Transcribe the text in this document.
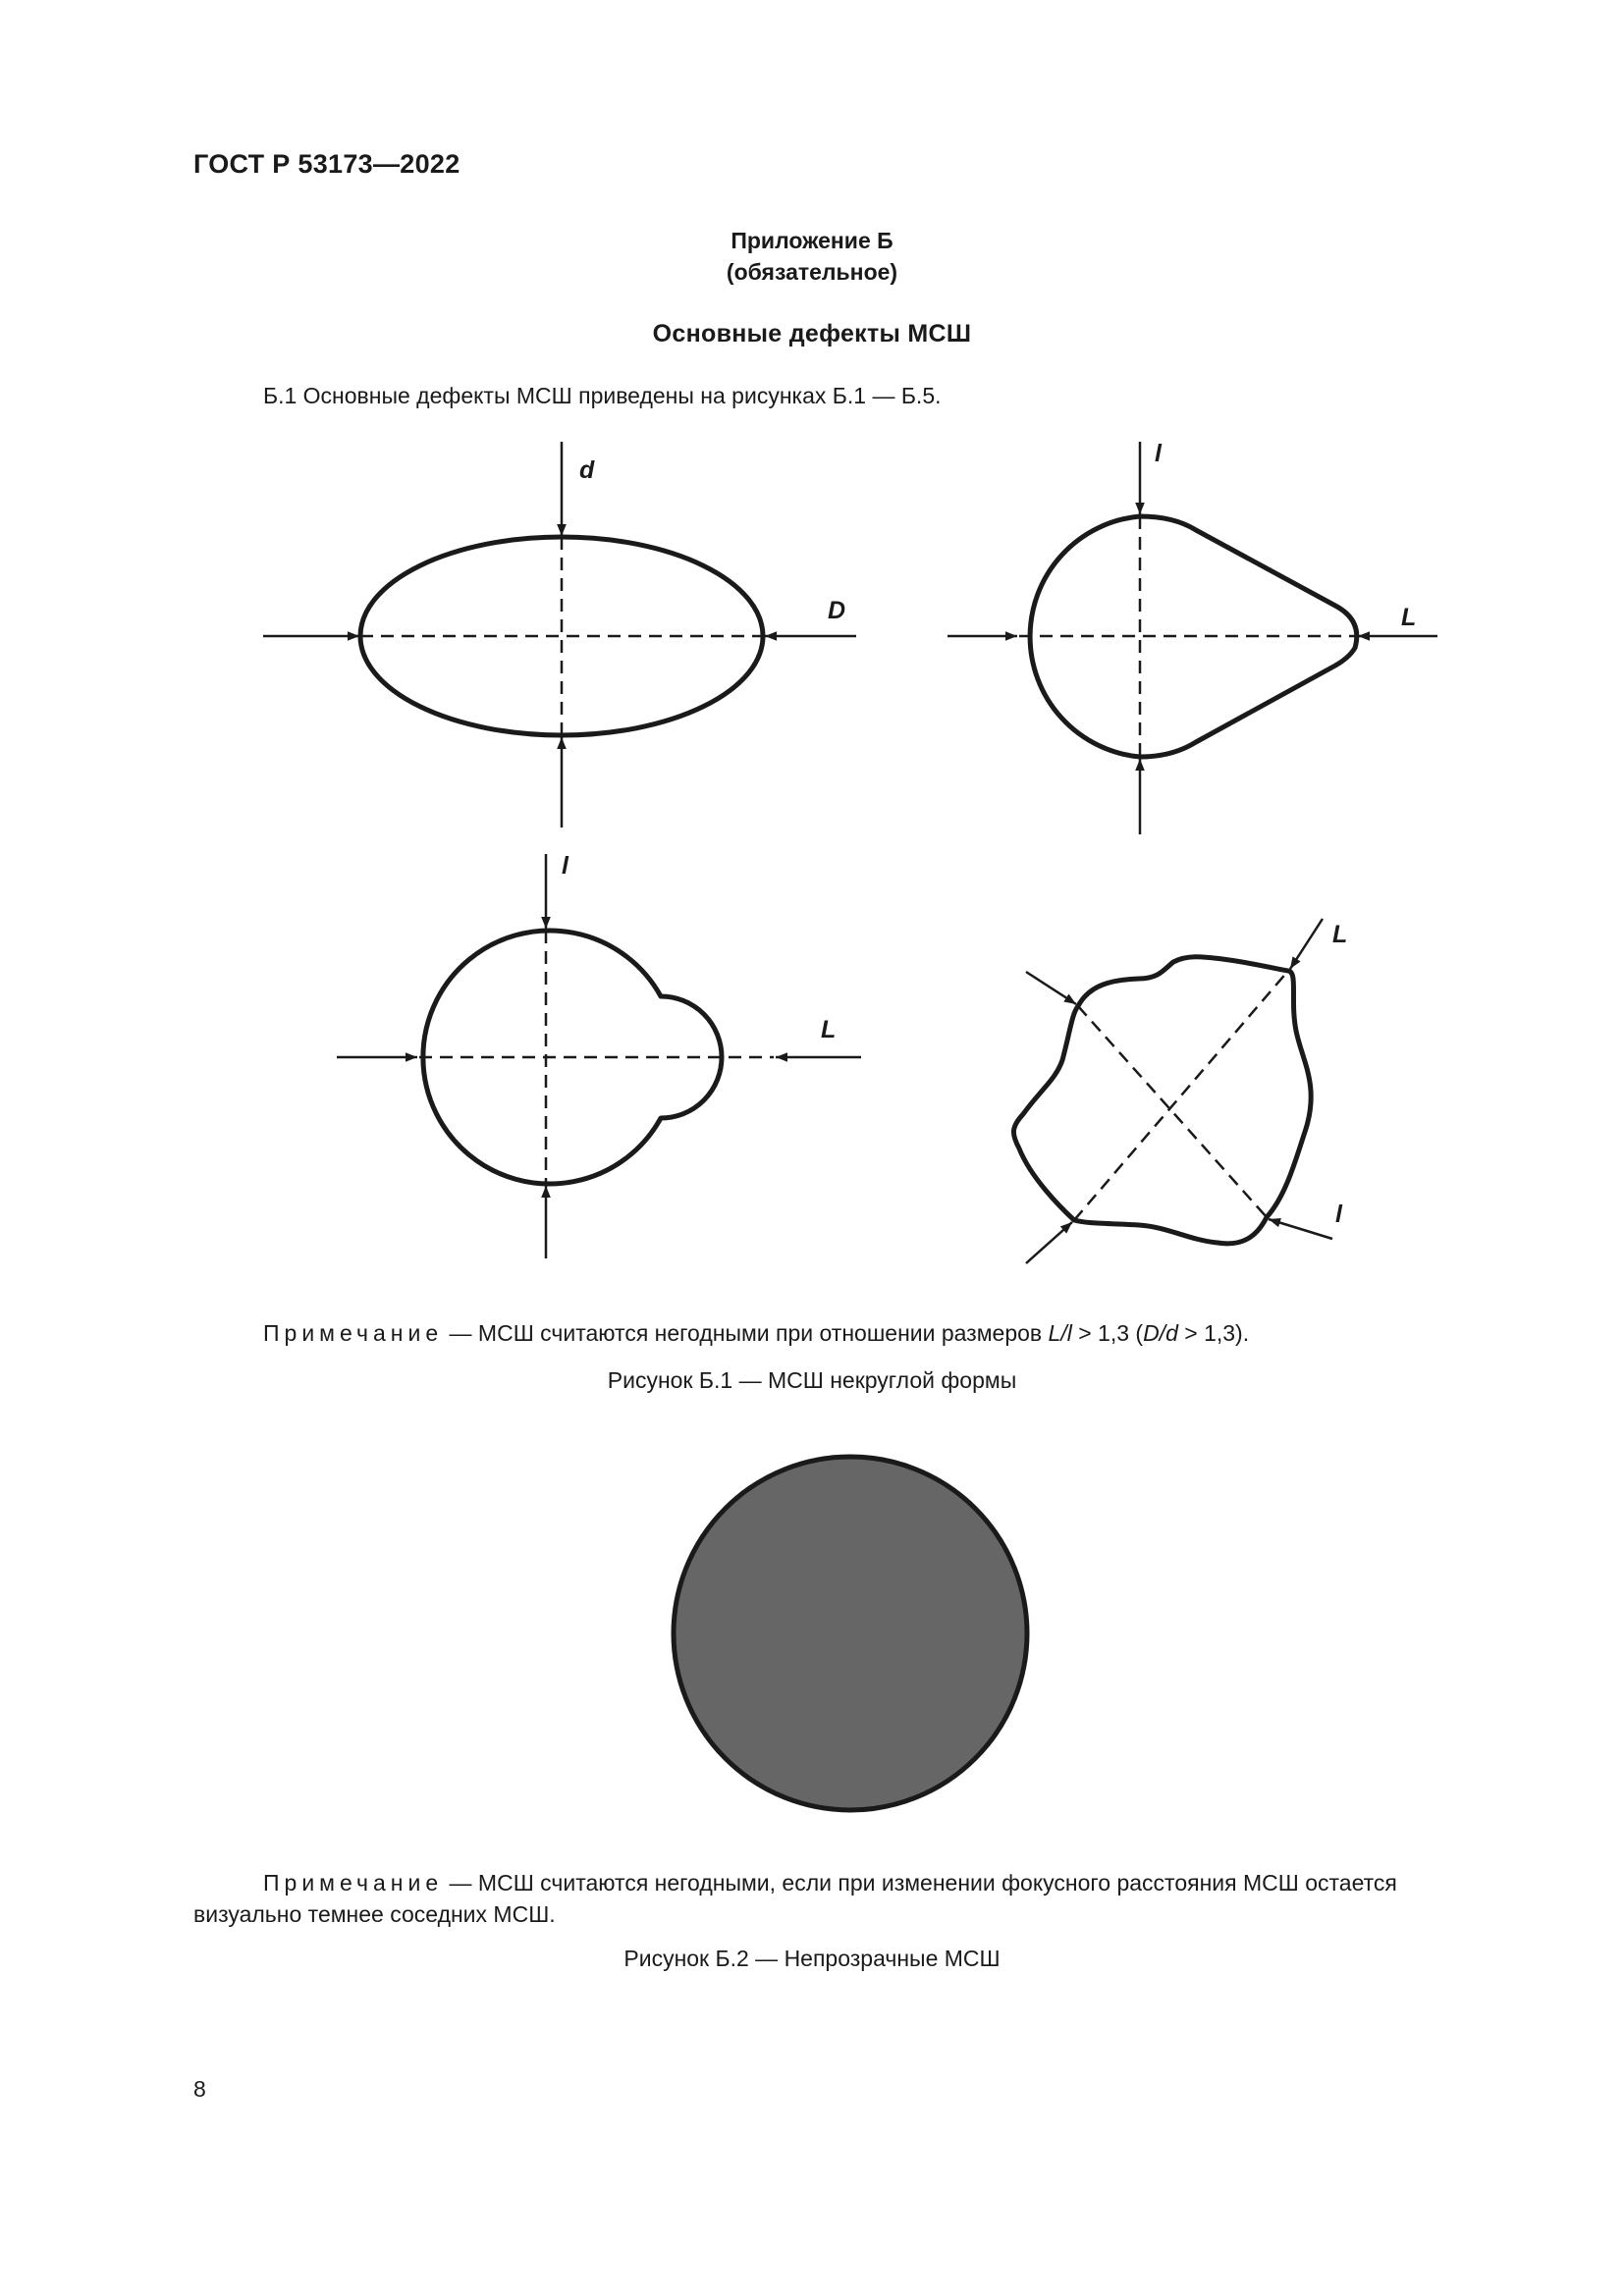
ГОСТ Р 53173—2022
Приложение Б
(обязательное)
Основные дефекты МСШ
Б.1 Основные дефекты МСШ приведены на рисунках Б.1 — Б.5.
d
D
l
L
l
L
L
l
Примечание — МСШ считаются негодными при отношении размеров L/l > 1,3 (D/d > 1,3).
Рисунок Б.1 — МСШ некруглой формы
Примечание — МСШ считаются негодными, если при изменении фокусного расстояния МСШ остается визуально темнее соседних МСШ.
Рисунок Б.2 — Непрозрачные МСШ
8
